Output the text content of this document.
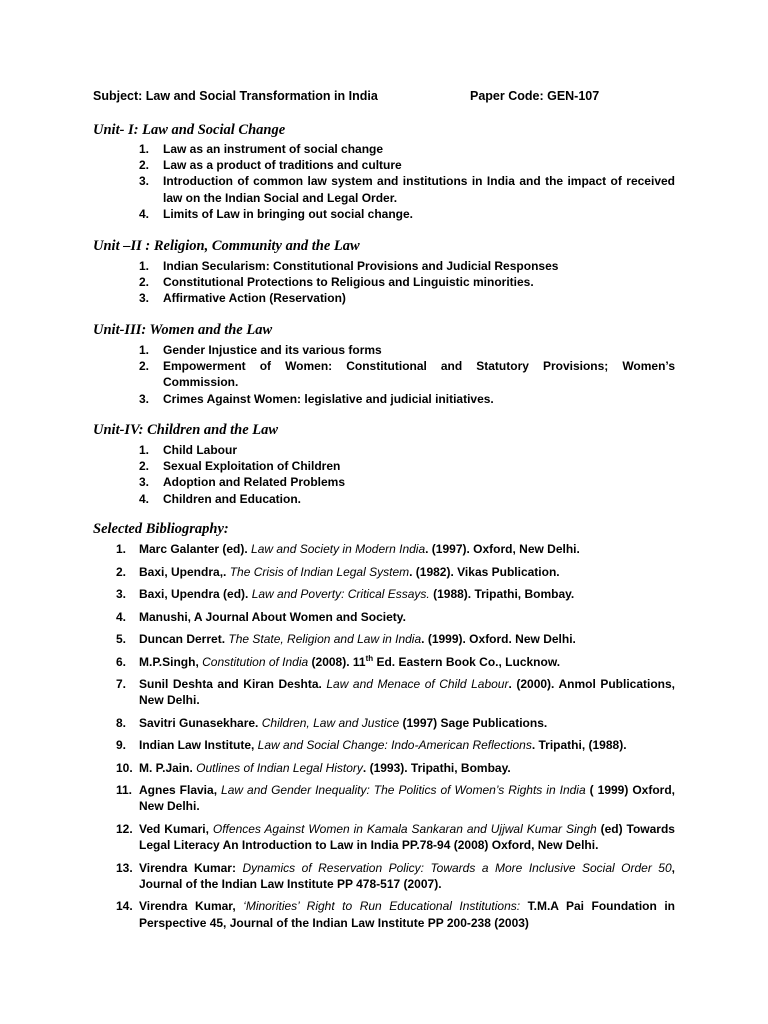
Subject: Law and Social Transformation in India	Paper Code: GEN-107
Unit- I: Law and Social Change
1. Law as an instrument of social change
2. Law as a product of traditions and culture
3. Introduction of common law system and institutions in India and the impact of received law on the Indian Social and Legal Order.
4. Limits of Law in bringing out social change.
Unit –II : Religion, Community and the Law
1. Indian Secularism: Constitutional Provisions and Judicial Responses
2. Constitutional Protections to Religious and Linguistic minorities.
3. Affirmative Action (Reservation)
Unit-III: Women and the Law
1. Gender Injustice and its various forms
2. Empowerment of Women: Constitutional and Statutory Provisions; Women’s Commission.
3. Crimes Against Women: legislative and judicial initiatives.
Unit-IV: Children and the Law
1. Child Labour
2. Sexual Exploitation of Children
3. Adoption and Related Problems
4. Children and Education.
Selected Bibliography:
1. Marc Galanter (ed). Law and Society in Modern India. (1997). Oxford, New Delhi.
2. Baxi, Upendra,. The Crisis of Indian Legal System. (1982). Vikas Publication.
3. Baxi, Upendra (ed). Law and Poverty: Critical Essays. (1988). Tripathi, Bombay.
4. Manushi, A Journal About Women and Society.
5. Duncan Derret. The State, Religion and Law in India. (1999). Oxford. New Delhi.
6. M.P.Singh, Constitution of India (2008). 11th Ed. Eastern Book Co., Lucknow.
7. Sunil Deshta and Kiran Deshta. Law and Menace of Child Labour. (2000). Anmol Publications, New Delhi.
8. Savitri Gunasekhare. Children, Law and Justice (1997) Sage Publications.
9. Indian Law Institute, Law and Social Change: Indo-American Reflections. Tripathi, (1988).
10. M. P.Jain. Outlines of Indian Legal History. (1993). Tripathi, Bombay.
11. Agnes Flavia, Law and Gender Inequality: The Politics of Women’s Rights in India ( 1999) Oxford, New Delhi.
12. Ved Kumari, Offences Against Women in Kamala Sankaran and Ujjwal Kumar Singh (ed) Towards Legal Literacy An Introduction to Law in India PP.78-94 (2008) Oxford, New Delhi.
13. Virendra Kumar: Dynamics of Reservation Policy: Towards a More Inclusive Social Order 50, Journal of the Indian Law Institute PP 478-517 (2007).
14. Virendra Kumar, ‘Minorities’ Right to Run Educational Institutions: T.M.A Pai Foundation in Perspective 45, Journal of the Indian Law Institute PP 200-238 (2003)
